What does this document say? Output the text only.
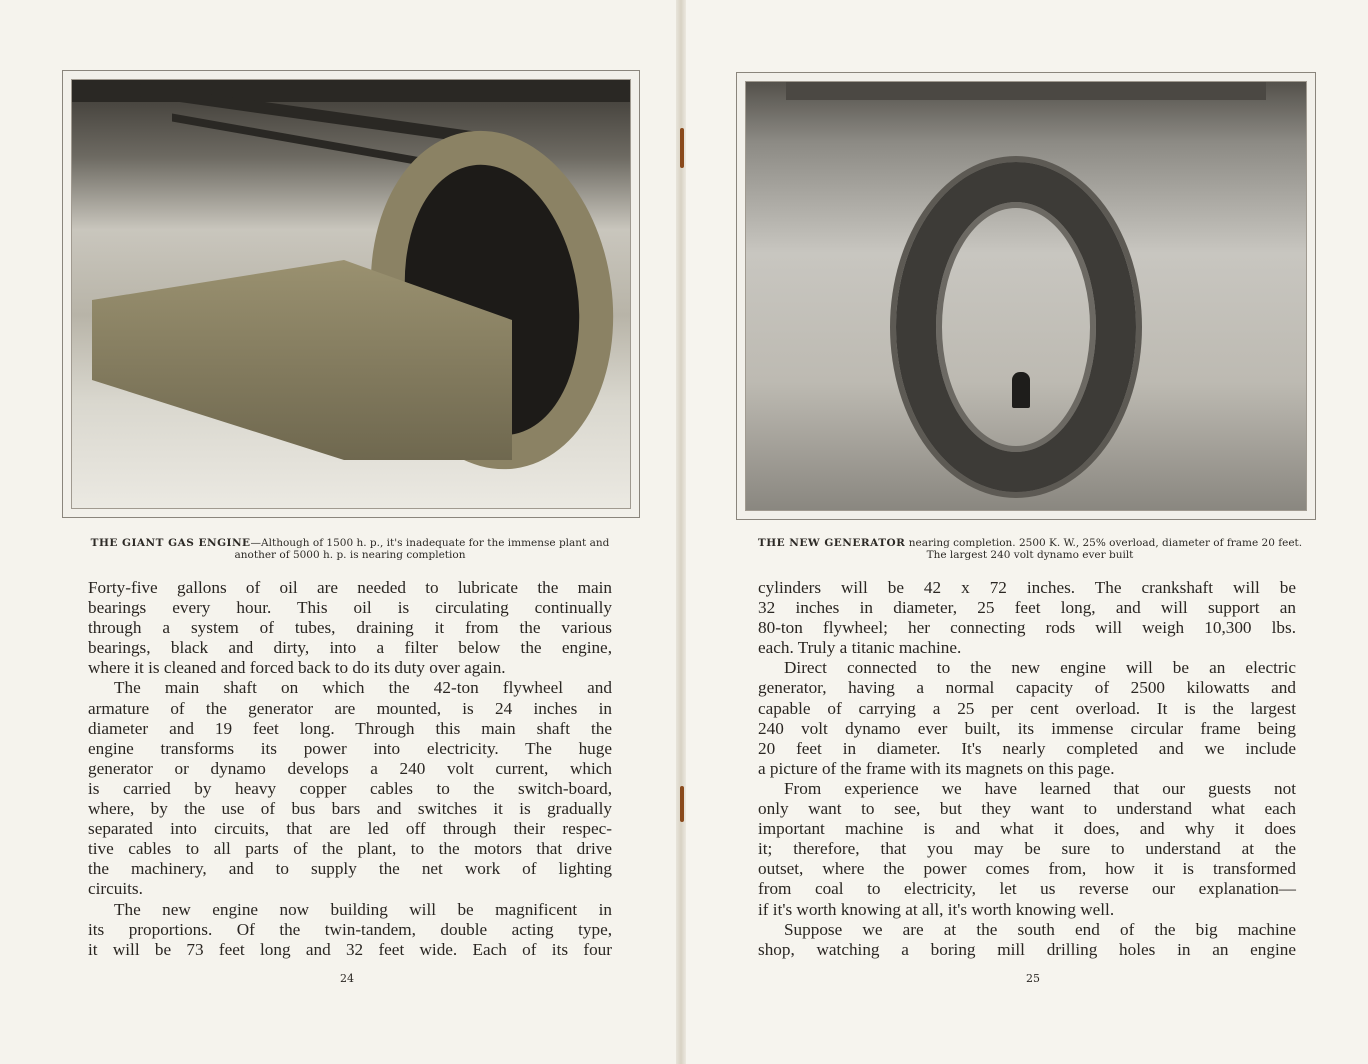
THE GIANT GAS ENGINE—Although of 1500 h. p., it's inadequate for the immense plant and another of 5000 h. p. is nearing completion
Forty-five gallons of oil are needed to lubricate the main
bearings every hour. This oil is circulating continually
through a system of tubes, draining it from the various
bearings, black and dirty, into a filter below the engine,
where it is cleaned and forced back to do its duty over again.
The main shaft on which the 42-ton flywheel and
armature of the generator are mounted, is 24 inches in
diameter and 19 feet long. Through this main shaft the
engine transforms its power into electricity. The huge
generator or dynamo develops a 240 volt current, which
is carried by heavy copper cables to the switch-board,
where, by the use of bus bars and switches it is gradually
separated into circuits, that are led off through their respec-
tive cables to all parts of the plant, to the motors that drive
the machinery, and to supply the net work of lighting
circuits.
The new engine now building will be magnificent in
its proportions. Of the twin-tandem, double acting type,
it will be 73 feet long and 32 feet wide. Each of its four
24
THE NEW GENERATOR nearing completion. 2500 K. W., 25% overload, diameter of frame 20 feet. The largest 240 volt dynamo ever built
cylinders will be 42 x 72 inches. The crankshaft will be
32 inches in diameter, 25 feet long, and will support an
80-ton flywheel; her connecting rods will weigh 10,300 lbs.
each. Truly a titanic machine.
Direct connected to the new engine will be an electric
generator, having a normal capacity of 2500 kilowatts and
capable of carrying a 25 per cent overload. It is the largest
240 volt dynamo ever built, its immense circular frame being
20 feet in diameter. It's nearly completed and we include
a picture of the frame with its magnets on this page.
From experience we have learned that our guests not
only want to see, but they want to understand what each
important machine is and what it does, and why it does
it; therefore, that you may be sure to understand at the
outset, where the power comes from, how it is transformed
from coal to electricity, let us reverse our explanation—
if it's worth knowing at all, it's worth knowing well.
Suppose we are at the south end of the big machine
shop, watching a boring mill drilling holes in an engine
25
